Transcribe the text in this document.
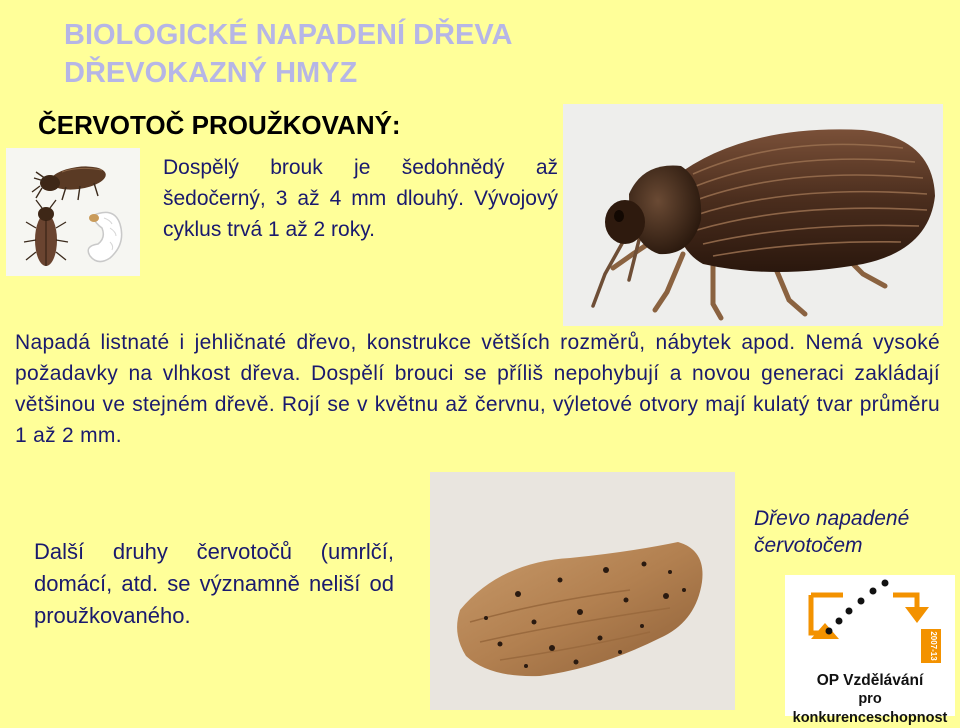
BIOLOGICKÉ NAPADENÍ DŘEVA
DŘEVOKAZNÝ HMYZ
ČERVOTOČ PROUŽKOVANÝ:
Dospělý brouk je šedohnědý až šedočerný, 3 až 4 mm dlouhý. Vývojový cyklus trvá 1 až 2 roky.
Napadá listnaté i jehličnaté dřevo, konstrukce větších rozměrů, nábytek apod. Nemá vysoké požadavky na vlhkost dřeva. Dospělí brouci se příliš nepohybují a novou generaci zakládají většinou ve stejném dřevě. Rojí se v květnu až červnu, výletové otvory mají kulatý tvar průměru 1 až 2 mm.
Další druhy červotočů (umrlčí, domácí, atd. se významně neliší od proužkovaného.
Dřevo napadené červotočem
2007-13
OP Vzdělávání
pro konkurenceschopnost
